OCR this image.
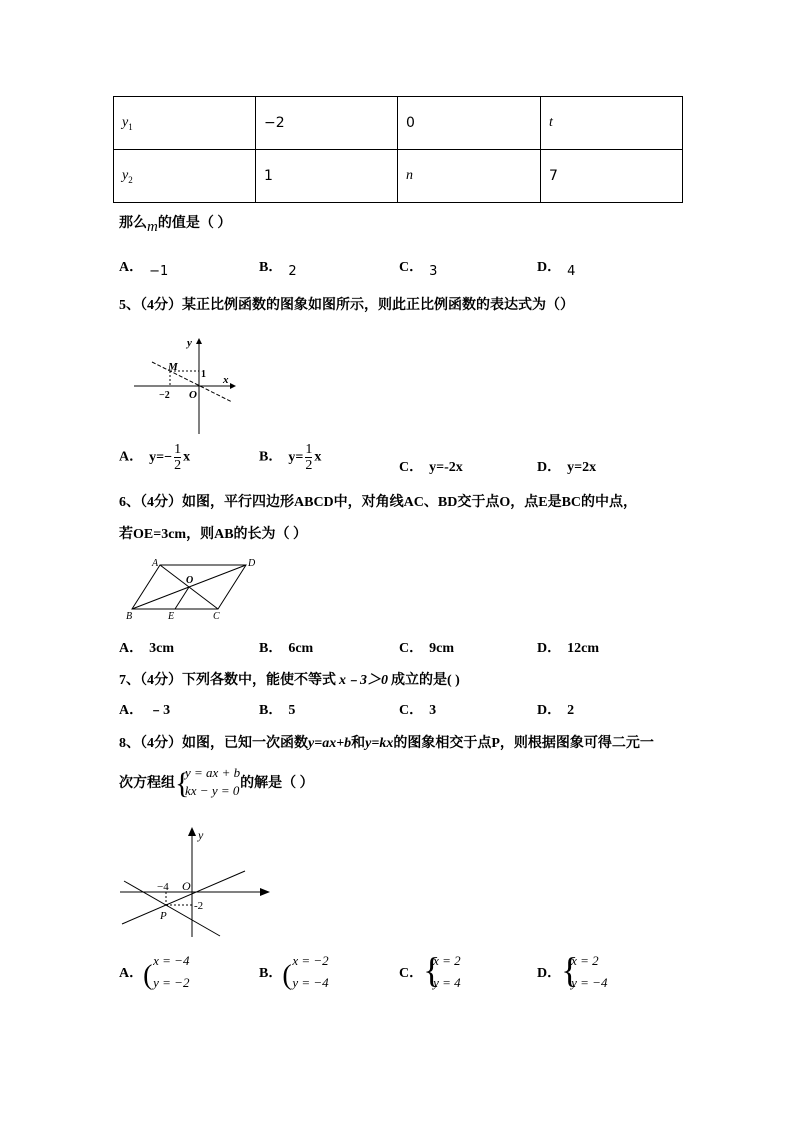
$y_1$	−2	0	t
$y_2$	1	n	7
那么m的值是（ ）
A． −1	B． 2	C． 3	D． 4
5、（4分）某正比例函数的图象如图所示，则此正比例函数的表达式为（）
y
x
M
1
−2 O
A． $y=- \frac{1}{2}$ x	B． $y= \frac{1}{2}$ x
C． y=-2x	D． y=2x
6、（4分）如图，平行四边形ABCD中，对角线AC、BD交于点O，点E是BC的中点，
若OE=3cm，则AB的长为（ ）
A	D
B	C
E
O
A． 3cm	B． 6cm	C． 9cm	D． 12cm
7、（4分）下列各数中，能使不等式 x﹣3＞0 成立的是( )
A． ﹣3	B． 5	C． 3	D． 2
8、（4分）如图，已知一次函数y=ax+b和y=kx的图象相交于点P，则根据图象可得二元一
次方程组 {
y = ax + b
kx − y = 0 的解是（ ）
y
O
−4
-2
P
A． ( x = −4
y = −2
B． ( x = −2
y = −4
C． {
x = 2
y = 4
D． {
x = 2
y = −4
